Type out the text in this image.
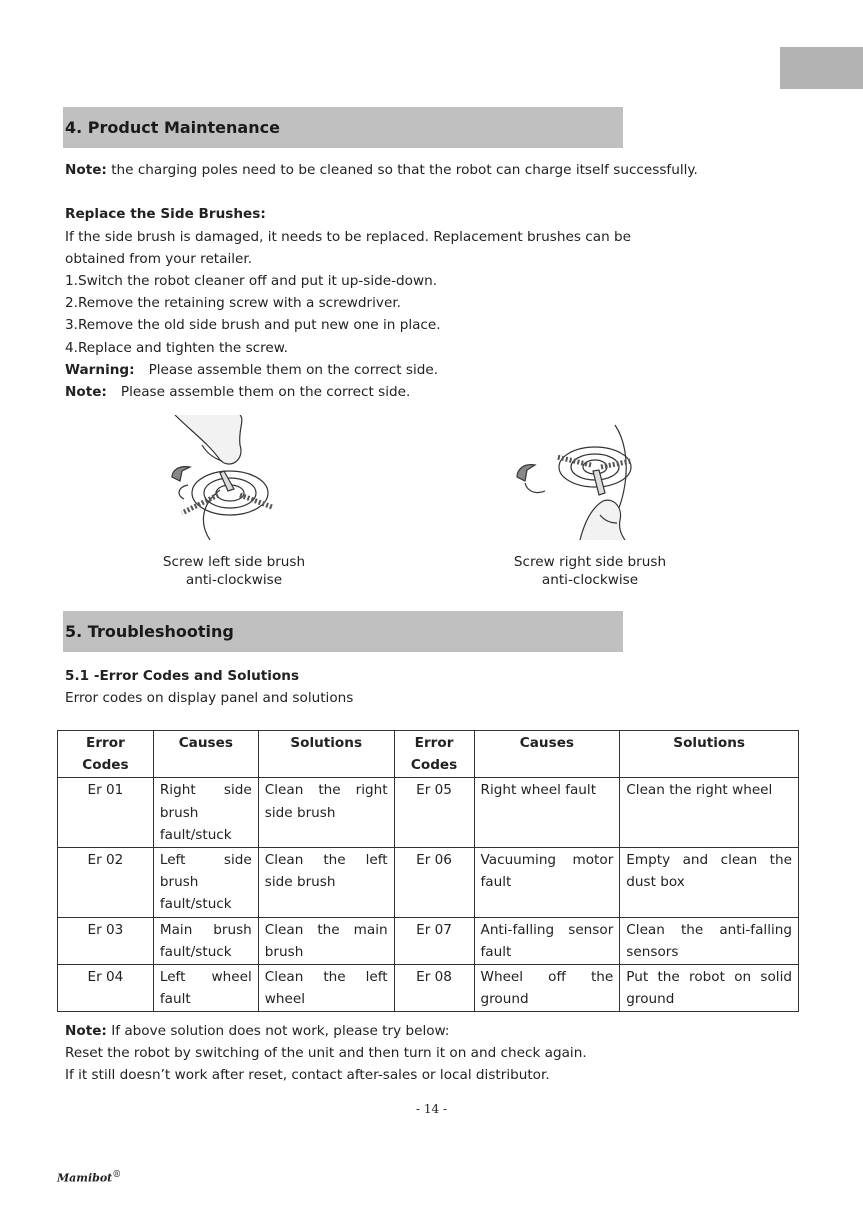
4. Product Maintenance

Note: the charging poles need to be cleaned so that the robot can charge itself successfully.

Replace the Side Brushes:

If the side brush is damaged, it needs to be replaced. Replacement brushes can be

obtained from your retailer.

1.Switch the robot cleaner off and put it up-side-down.

2.Remove the retaining screw with a screwdriver.

3.Remove the old side brush and put new one in place.

4.Replace and tighten the screw.

Warning: Please assemble them on the correct side.

Note: Please assemble them on the correct side.

Screw left side brush
anti-clockwise
Screw right side brush
anti-clockwise
5. Troubleshooting

5.1 -Error Codes and Solutions

Error codes on display panel and solutions

Error Codes	Causes	Solutions	Error Codes	Causes	Solutions
Er 01	Right side brush fault/stuck	Clean the right side brush	Er 05	Right wheel fault	Clean the right wheel
Er 02	Left side brush fault/stuck	Clean the left side brush	Er 06	Vacuuming motor fault	Empty and clean the dust box
Er 03	Main brush fault/stuck	Clean the main brush	Er 07	Anti-falling sensor fault	Clean the anti-falling sensors
Er 04	Left wheel fault	Clean the left wheel	Er 08	Wheel off the ground	Put the robot on solid ground

Note: If above solution does not work, please try below:

Reset the robot by switching of the unit and then turn it on and check again.

If it still doesn’t work after reset, contact after-sales or local distributor.

- 14 -
Mamibot®
